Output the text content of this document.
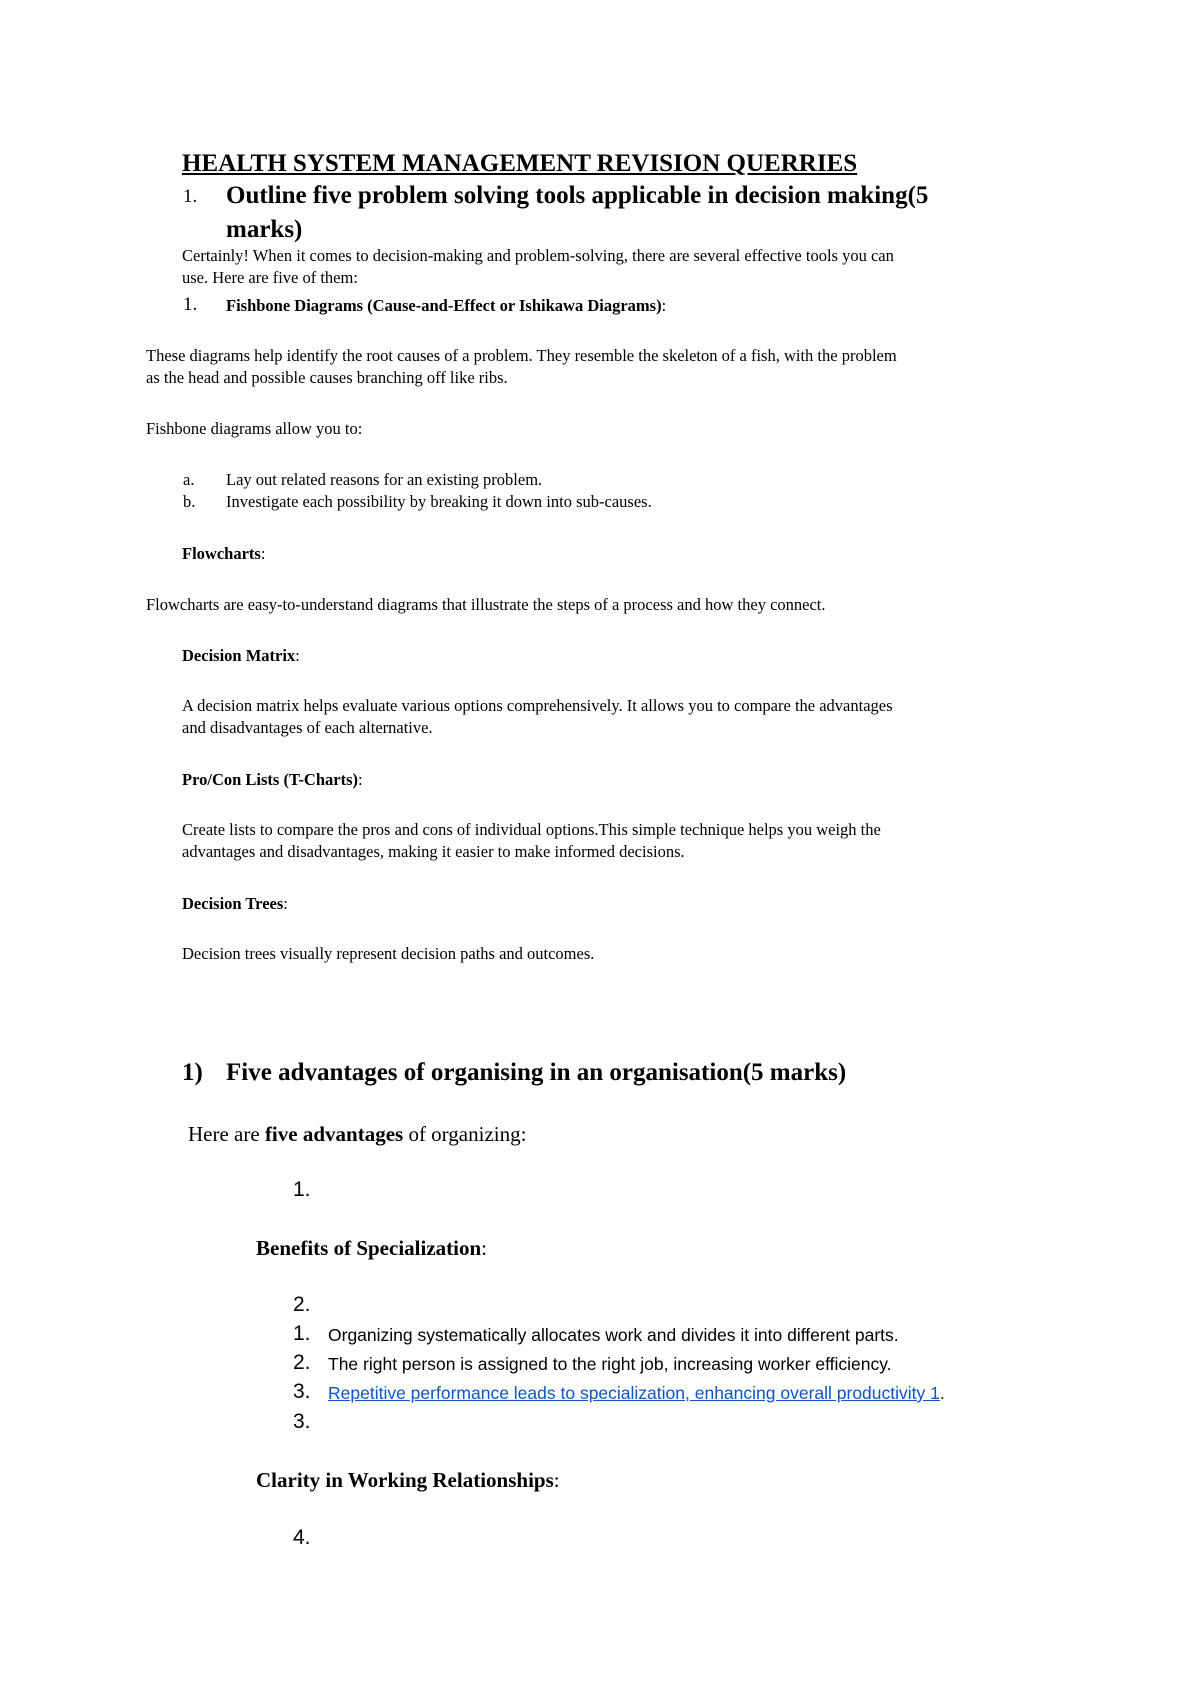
HEALTH SYSTEM MANAGEMENT REVISION QUERRIES
1. Outline five problem solving tools applicable in decision making(5
marks)
Certainly! When it comes to decision-making and problem-solving, there are several effective tools you can
use. Here are five of them:
1. Fishbone Diagrams (Cause-and-Effect or Ishikawa Diagrams):
These diagrams help identify the root causes of a problem. They resemble the skeleton of a fish, with the problem
as the head and possible causes branching off like ribs.
Fishbone diagrams allow you to:
a. Lay out related reasons for an existing problem.
b. Investigate each possibility by breaking it down into sub-causes.
Flowcharts:
Flowcharts are easy-to-understand diagrams that illustrate the steps of a process and how they connect.
Decision Matrix:
A decision matrix helps evaluate various options comprehensively. It allows you to compare the advantages
and disadvantages of each alternative.
Pro/Con Lists (T-Charts):
Create lists to compare the pros and cons of individual options.This simple technique helps you weigh the
advantages and disadvantages, making it easier to make informed decisions.
Decision Trees:
Decision trees visually represent decision paths and outcomes.
1) Five advantages of organising in an organisation(5 marks)
Here are five advantages of organizing:
1.
Benefits of Specialization:
2.
1. Organizing systematically allocates work and divides it into different parts.
2. The right person is assigned to the right job, increasing worker efficiency.
3. Repetitive performance leads to specialization, enhancing overall productivity 1.
3.
Clarity in Working Relationships:
4.
